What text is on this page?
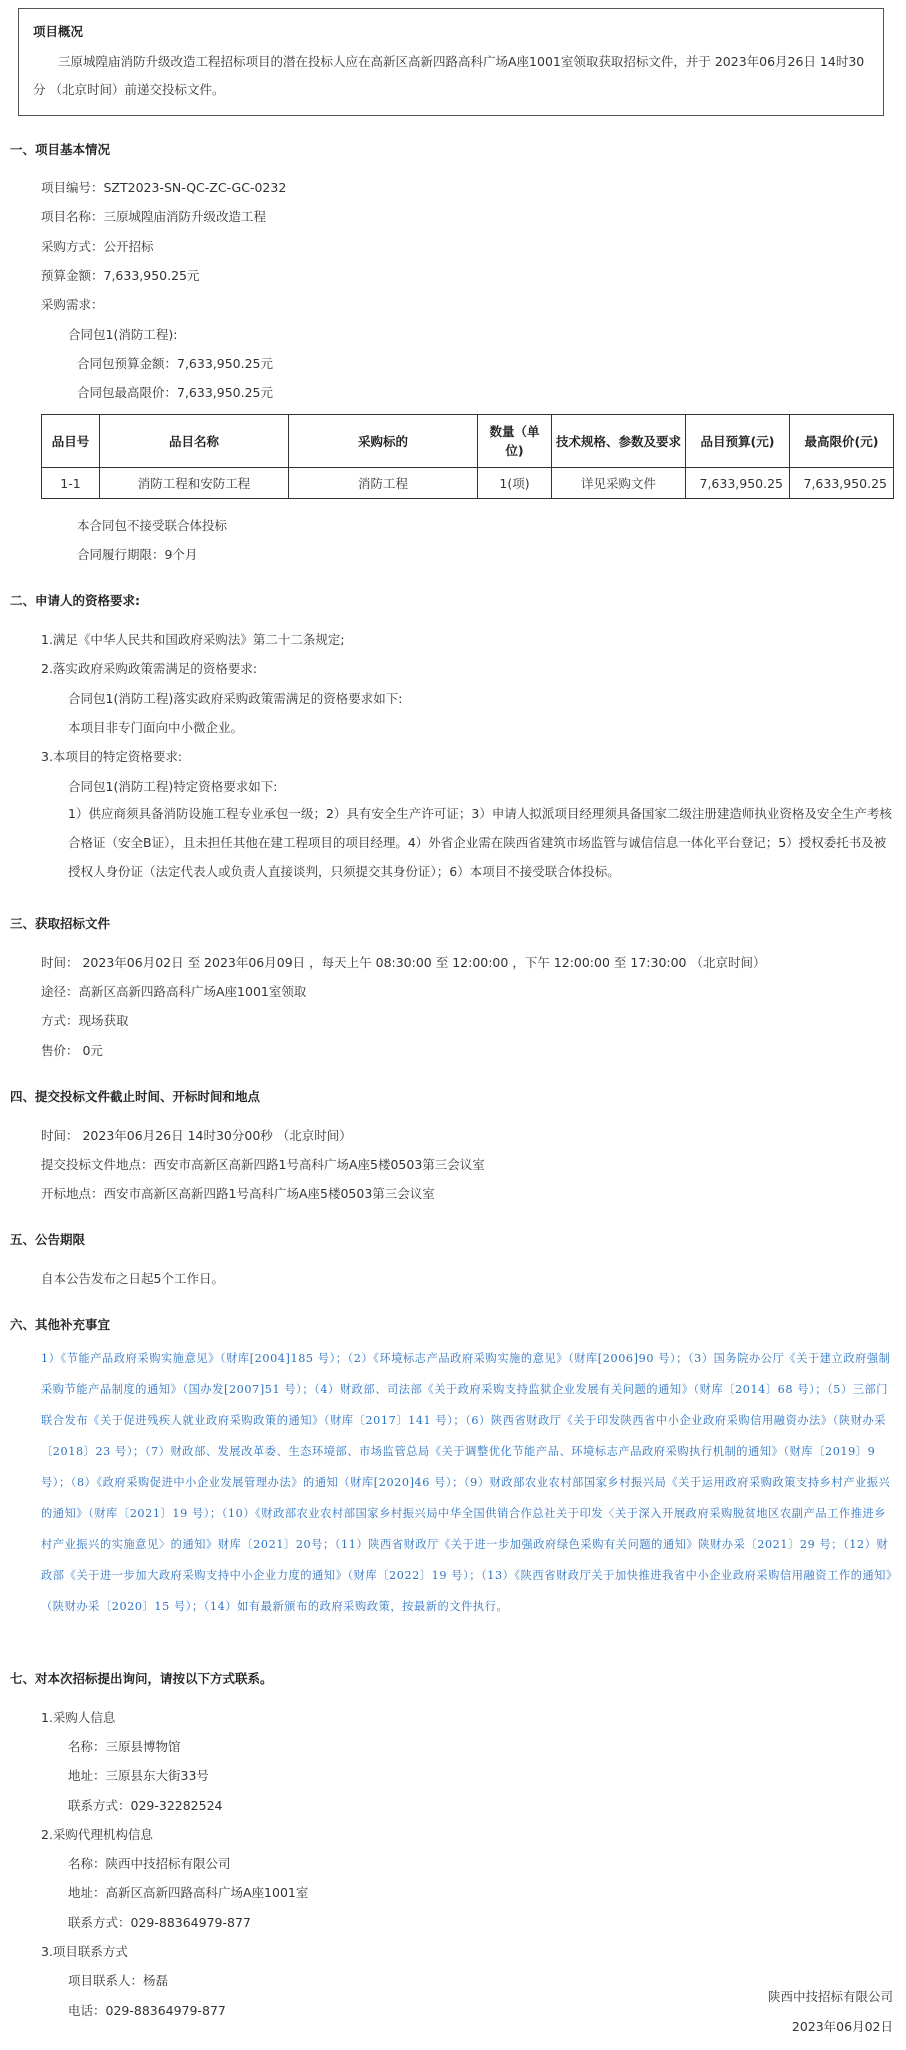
项目概况

三原城隍庙消防升级改造工程招标项目的潜在投标人应在高新区高新四路高科广场A座1001室领取获取招标文件，并于 2023年06月26日 14时30分 （北京时间）前递交投标文件。

一、项目基本情况
项目编号：SZT2023-SN-QC-ZC-GC-0232
项目名称：三原城隍庙消防升级改造工程
采购方式：公开招标
预算金额：7,633,950.25元
采购需求：
合同包1(消防工程):
合同包预算金额：7,633,950.25元
合同包最高限价：7,633,950.25元
品目号	品目名称	采购标的	数量（单位)	技术规格、参数及要求	品目预算(元)	最高限价(元)
1-1	消防工程和安防工程	消防工程	1(项)	详见采购文件	7,633,950.25	7,633,950.25
本合同包不接受联合体投标
合同履行期限：9个月
二、申请人的资格要求:
1.满足《中华人民共和国政府采购法》第二十二条规定;
2.落实政府采购政策需满足的资格要求:
合同包1(消防工程)落实政府采购政策需满足的资格要求如下:
本项目非专门面向中小微企业。
3.本项目的特定资格要求:
合同包1(消防工程)特定资格要求如下:
1）供应商须具备消防设施工程专业承包一级；2）具有安全生产许可证；3）申请人拟派项目经理须具备国家二级注册建造师执业资格及安全生产考核合格证（安全B证），且未担任其他在建工程项目的项目经理。4）外省企业需在陕西省建筑市场监管与诚信信息一体化平台登记；5）授权委托书及被授权人身份证（法定代表人或负责人直接谈判，只须提交其身份证）；6）本项目不接受联合体投标。
三、获取招标文件
时间： 2023年06月02日 至 2023年06月09日 ，每天上午 08:30:00 至 12:00:00 ，下午 12:00:00 至 17:30:00 （北京时间）
途径：高新区高新四路高科广场A座1001室领取
方式：现场获取
售价： 0元
四、提交投标文件截止时间、开标时间和地点
时间： 2023年06月26日 14时30分00秒 （北京时间）
提交投标文件地点：西安市高新区高新四路1号高科广场A座5楼0503第三会议室
开标地点：西安市高新区高新四路1号高科广场A座5楼0503第三会议室
五、公告期限
自本公告发布之日起5个工作日。
六、其他补充事宜
1）《节能产品政府采购实施意见》（财库[2004]185 号）；（2）《环境标志产品政府采购实施的意见》（财库[2006]90 号）；（3）国务院办公厅《关于建立政府强制采购节能产品制度的通知》（国办发[2007]51 号）；（4）财政部、司法部《关于政府采购支持监狱企业发展有关问题的通知》（财库〔2014〕68 号）；（5）三部门联合发布《关于促进残疾人就业政府采购政策的通知》（财库〔2017〕141 号）；（6）陕西省财政厅《关于印发陕西省中小企业政府采购信用融资办法》（陕财办采〔2018〕23 号）；（7）财政部、发展改革委、生态环境部、市场监管总局《关于调整优化节能产品、环境标志产品政府采购执行机制的通知》（财库〔2019〕9 号）；（8）《政府采购促进中小企业发展管理办法》的通知（财库[2020]46 号）；（9）财政部农业农村部国家乡村振兴局《关于运用政府采购政策支持乡村产业振兴的通知》（财库〔2021〕19 号）；（10）《财政部农业农村部国家乡村振兴局中华全国供销合作总社关于印发〈关于深入开展政府采购脱贫地区农副产品工作推进乡村产业振兴的实施意见〉的通知》财库〔2021〕20号；（11）陕西省财政厅《关于进一步加强政府绿色采购有关问题的通知》陕财办采〔2021〕29 号；（12）财政部《关于进一步加大政府采购支持中小企业力度的通知》（财库〔2022〕19 号）；（13）《陕西省财政厅关于加快推进我省中小企业政府采购信用融资工作的通知》（陕财办采〔2020〕15 号）；（14）如有最新颁布的政府采购政策，按最新的文件执行。
七、对本次招标提出询问，请按以下方式联系。
1.采购人信息
名称：三原县博物馆
地址：三原县东大街33号
联系方式：029-32282524
2.采购代理机构信息
名称：陕西中技招标有限公司
地址：高新区高新四路高科广场A座1001室
联系方式：029-88364979-877
3.项目联系方式
项目联系人：杨磊
电话：029-88364979-877
陕西中技招标有限公司
2023年06月02日
